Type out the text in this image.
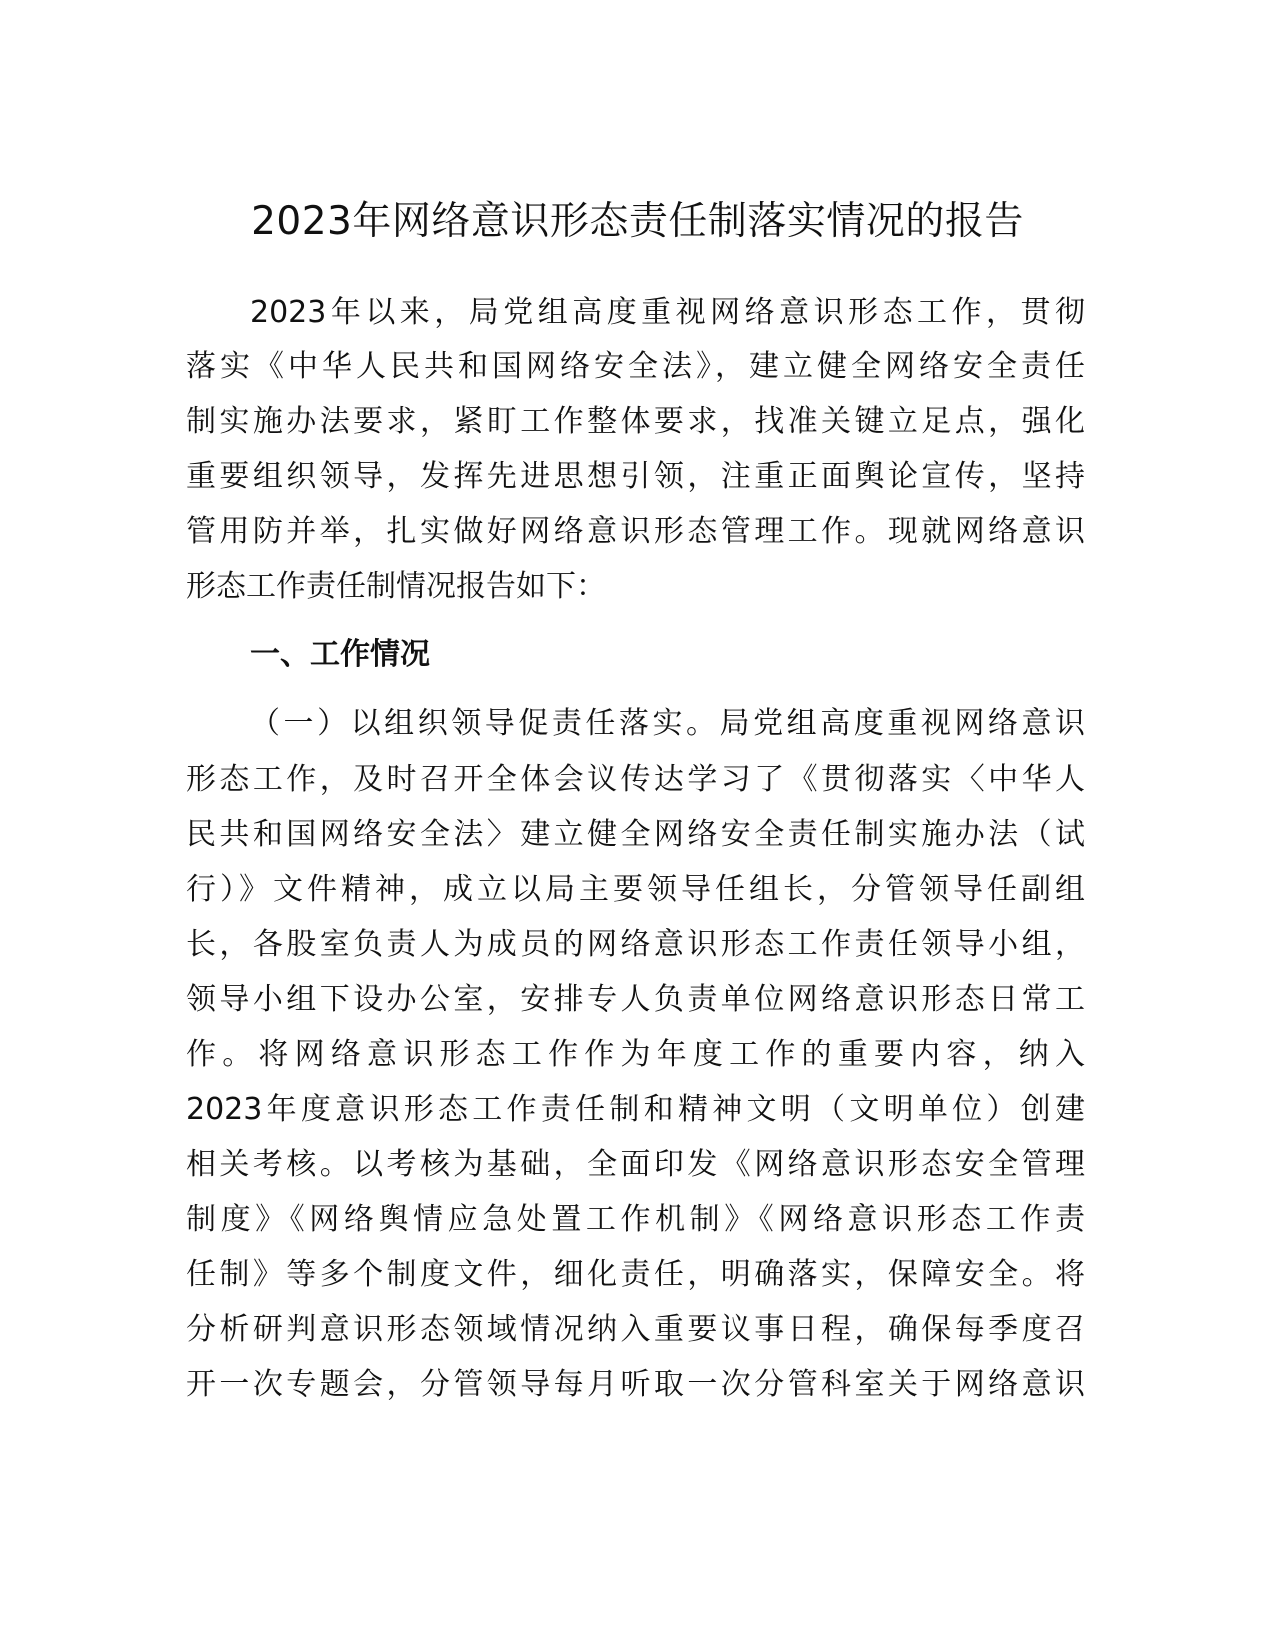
2023年网络意识形态责任制落实情况的报告

2023年以来，局党组高度重视网络意识形态工作，贯彻

落实《中华人民共和国网络安全法》，建立健全网络安全责任

制实施办法要求，紧盯工作整体要求，找准关键立足点，强化

重要组织领导，发挥先进思想引领，注重正面舆论宣传，坚持

管用防并举，扎实做好网络意识形态管理工作。现就网络意识

形态工作责任制情况报告如下：

一、工作情况

（一）以组织领导促责任落实。局党组高度重视网络意识

形态工作，及时召开全体会议传达学习了《贯彻落实〈中华人

民共和国网络安全法〉建立健全网络安全责任制实施办法（试

行）》文件精神，成立以局主要领导任组长，分管领导任副组

长，各股室负责人为成员的网络意识形态工作责任领导小组，

领导小组下设办公室，安排专人负责单位网络意识形态日常工

作。将网络意识形态工作作为年度工作的重要内容，纳入

2023年度意识形态工作责任制和精神文明（文明单位）创建

相关考核。以考核为基础，全面印发《网络意识形态安全管理

制度》《网络舆情应急处置工作机制》《网络意识形态工作责

任制》等多个制度文件，细化责任，明确落实，保障安全。将

分析研判意识形态领域情况纳入重要议事日程，确保每季度召

开一次专题会，分管领导每月听取一次分管科室关于网络意识
